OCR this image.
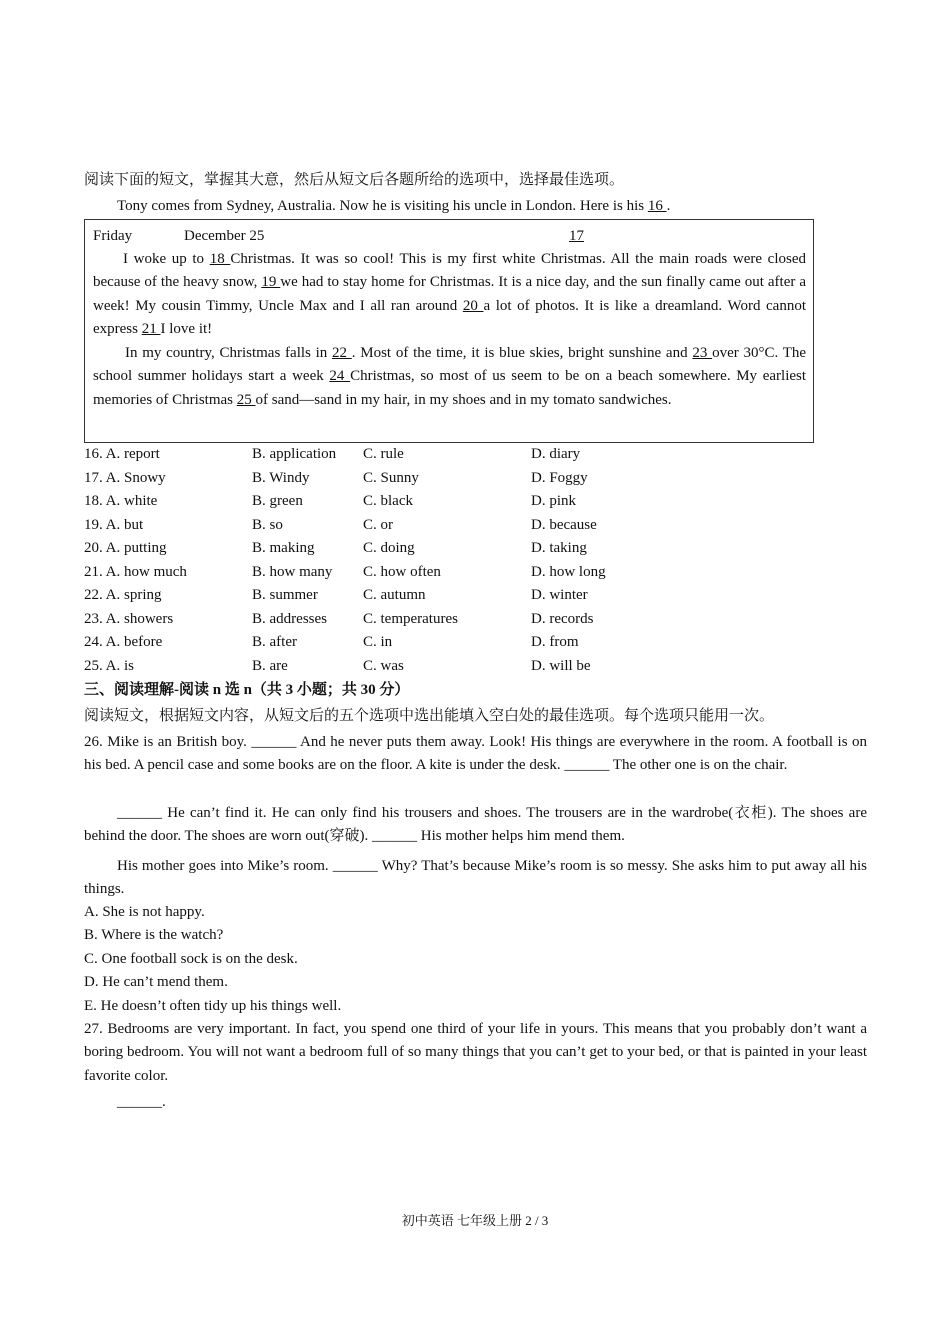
阅读下面的短文，掌握其大意，然后从短文后各题所给的选项中，选择最佳选项。
Tony comes from Sydney, Australia. Now he is visiting his uncle in London. Here is his 16 .
Friday	December 25	17

I woke up to 18 Christmas. It was so cool! This is my first white Christmas. All the main roads were closed because of the heavy snow, 19 we had to stay home for Christmas. It is a nice day, and the sun finally came out after a week! My cousin Timmy, Uncle Max and I all ran around 20 a lot of photos. It is like a dreamland. Word cannot express 21 I love it!

In my country, Christmas falls in 22 . Most of the time, it is blue skies, bright sunshine and 23 over 30°C. The school summer holidays start a week 24 Christmas, so most of us seem to be on a beach somewhere. My earliest memories of Christmas 25 of sand—sand in my hair, in my shoes and in my tomato sandwiches.

16. A. report	B. application C. rule	D. diary
17. A. Snowy	B. Windy	C. Sunny	D. Foggy
18. A. white	B. green	C. black	D. pink
19. A. but	B. so	C. or	D. because
20. A. putting	B. making	C. doing	D. taking
21. A. how much	B. how many C. how often	D. how long
22. A. spring	B. summer	C. autumn	D. winter
23. A. showers	B. addresses C. temperatures	D. records
24. A. before	B. after	C. in	D. from
25. A. is	B. are	C. was	D. will be
三、阅读理解-阅读 n 选 n（共 3 小题；共 30 分）
阅读短文，根据短文内容，从短文后的五个选项中选出能填入空白处的最佳选项。每个选项只能用一次。
26. Mike is an British boy. ______ And he never puts them away. Look! His things are everywhere in the room. A football is on his bed. A pencil case and some books are on the floor. A kite is under the desk. ______ The other one is on the chair.
______ He can’t find it. He can only find his trousers and shoes. The trousers are in the wardrobe(衣柜). The shoes are behind the door. The shoes are worn out(穿破). ______ His mother helps him mend them.
His mother goes into Mike’s room. ______ Why? That’s because Mike’s room is so messy. She asks him to put away all his things.
A. She is not happy.
B. Where is the watch?
C. One football sock is on the desk.
D. He can’t mend them.
E. He doesn’t often tidy up his things well.
27. Bedrooms are very important. In fact, you spend one third of your life in yours. This means that you probably don’t want a boring bedroom. You will not want a bedroom full of so many things that you can’t get to your bed, or that is painted in your least favorite color.
______.
初中英语 七年级上册 2 / 3
